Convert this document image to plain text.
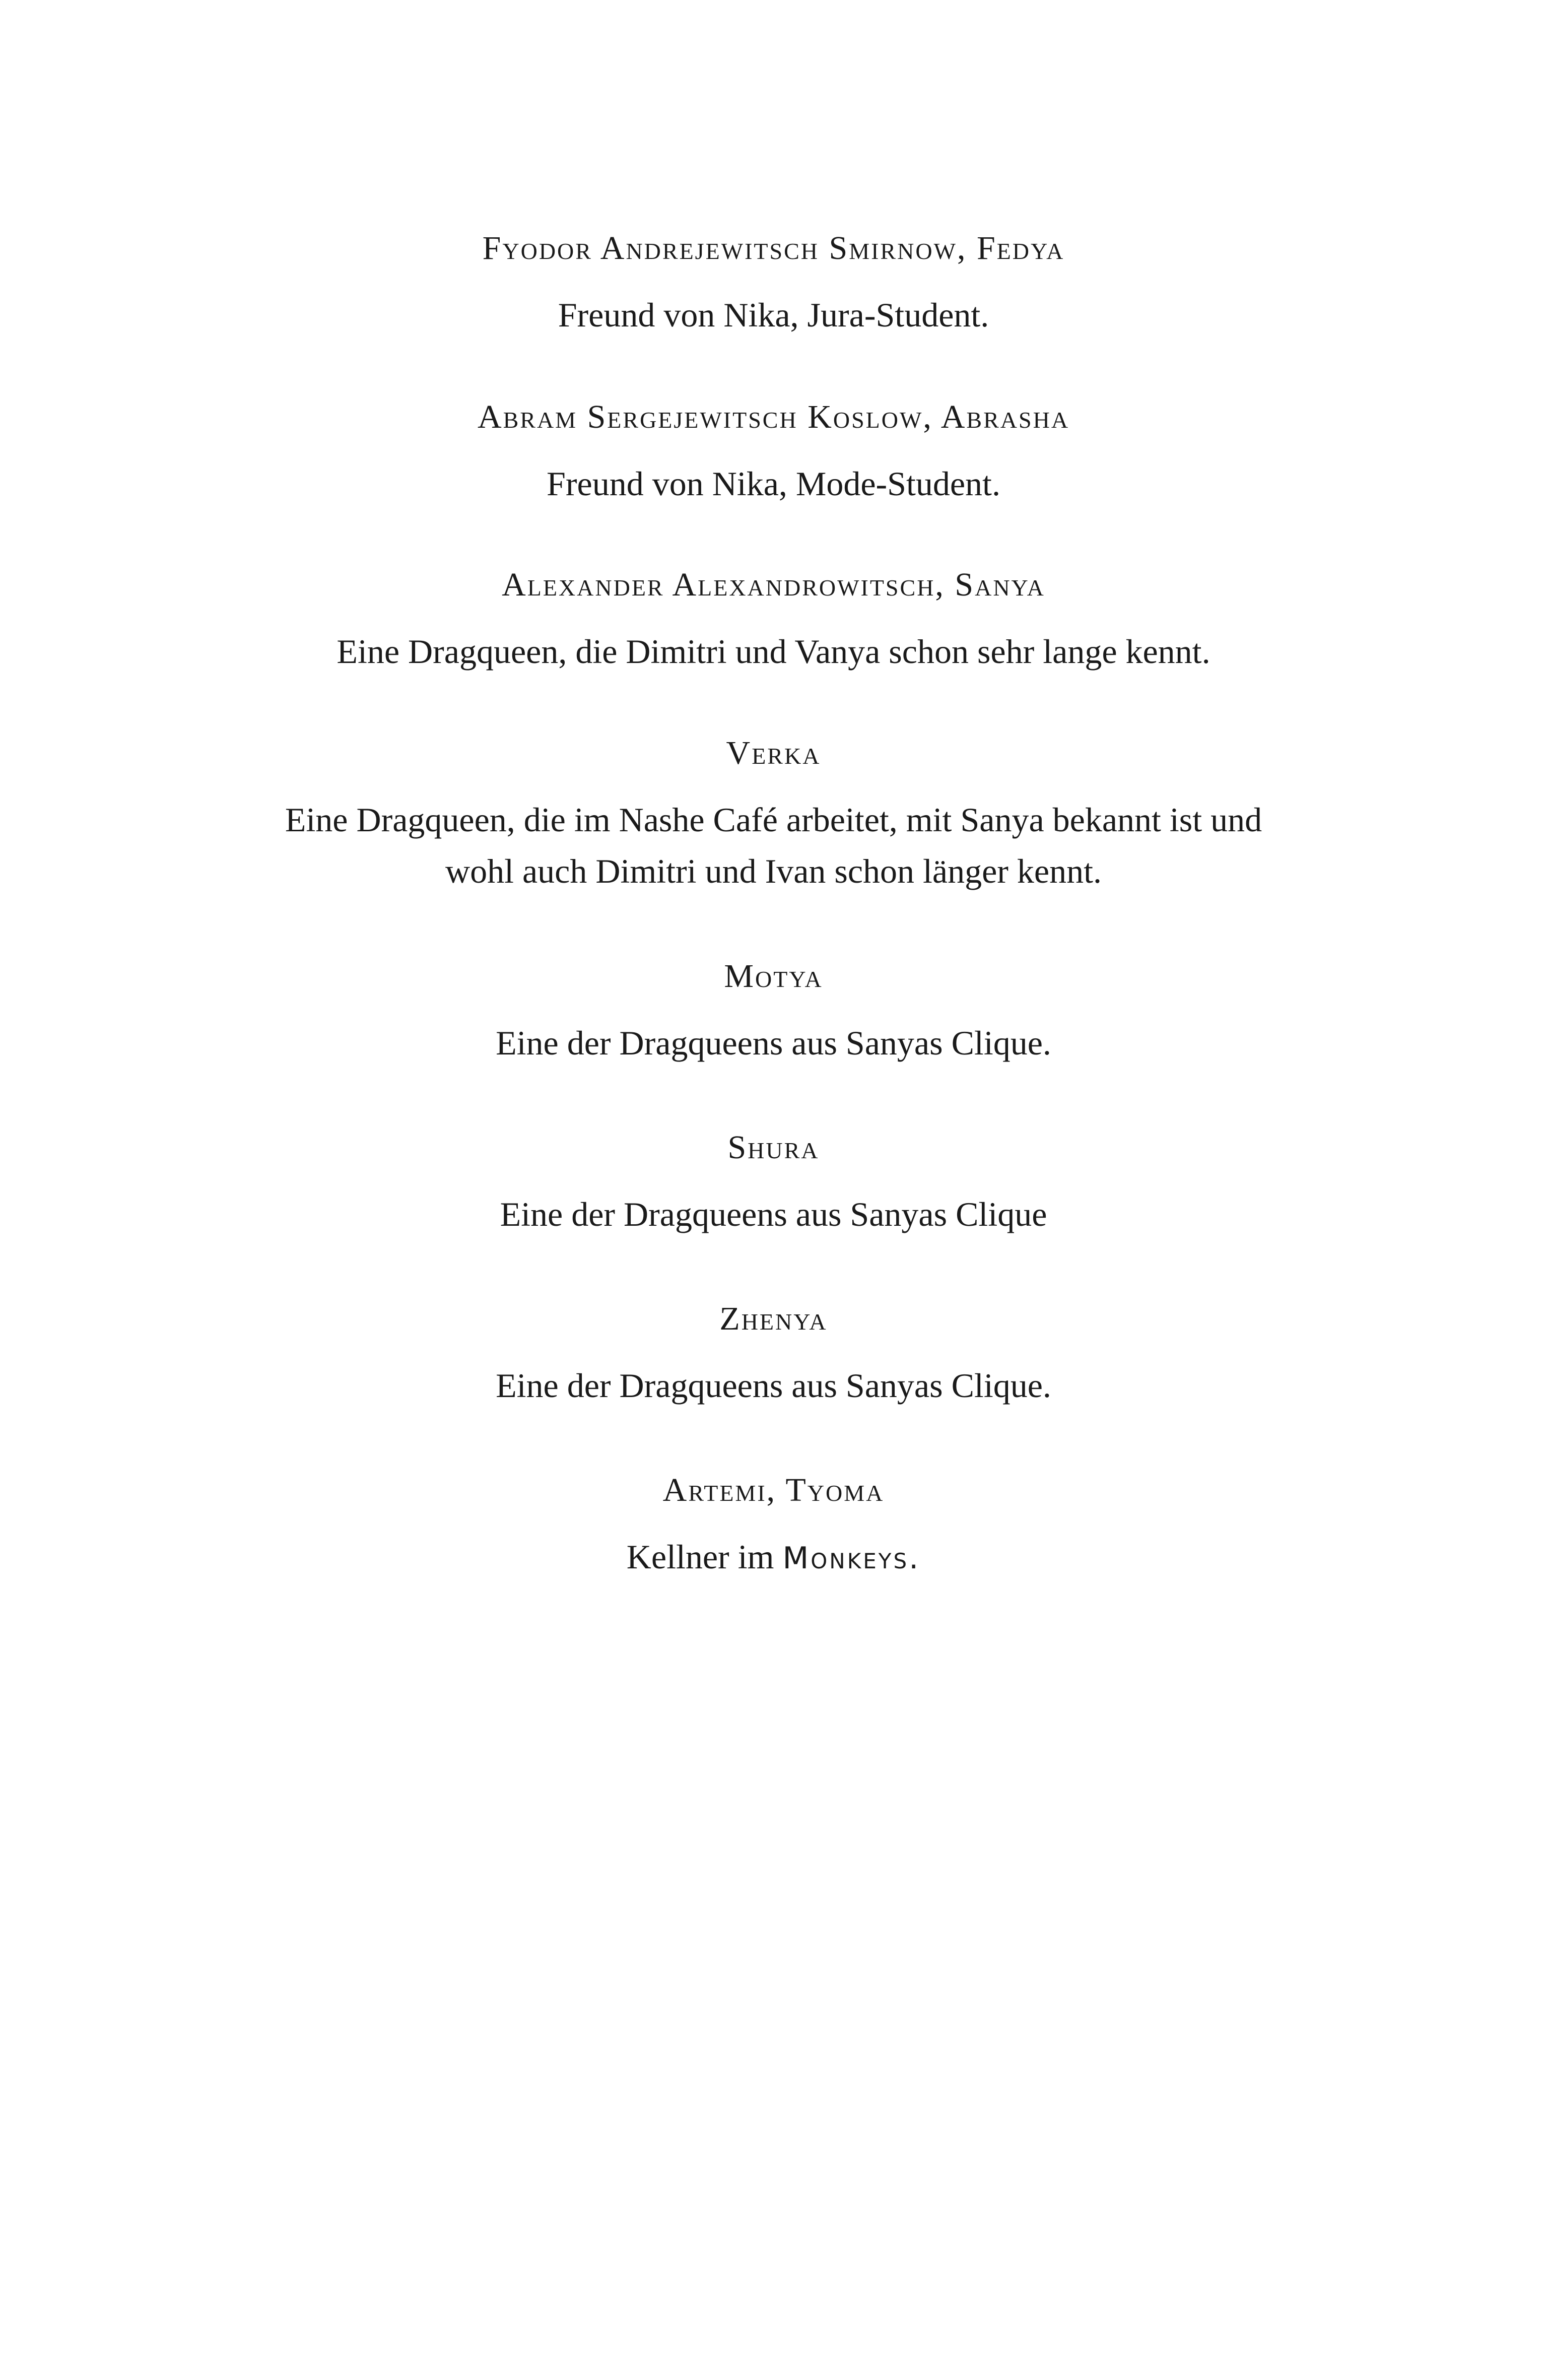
Fyodor Andrejewitsch Smirnow, Fedya
Freund von Nika, Jura-Student.
Abram Sergejewitsch Koslow, Abrasha
Freund von Nika, Mode-Student.
Alexander Alexandrowitsch, Sanya
Eine Dragqueen, die Dimitri und Vanya schon sehr lange kennt.
Verka
Eine Dragqueen, die im Nashe Café arbeitet, mit Sanya bekannt ist und
wohl auch Dimitri und Ivan schon länger kennt.
Motya
Eine der Dragqueens aus Sanyas Clique.
Shura
Eine der Dragqueens aus Sanyas Clique
Zhenya
Eine der Dragqueens aus Sanyas Clique.
Artemi, Tyoma
Kellner im Monkeys.
